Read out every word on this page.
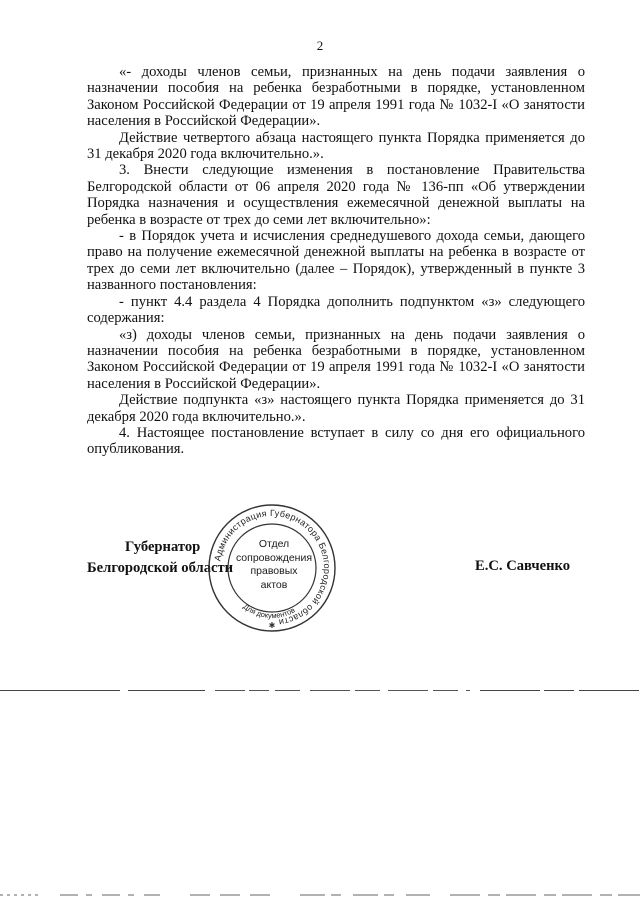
2

«- доходы членов семьи, признанных на день подачи заявления о назначении пособия на ребенка безработными в порядке, установленном Законом Российской Федерации от 19 апреля 1991 года № 1032-I «О занятости населения в Российской Федерации».

Действие четвертого абзаца настоящего пункта Порядка применяется до 31 декабря 2020 года включительно.».

3. Внести следующие изменения в постановление Правительства Белгородской области от 06 апреля 2020 года № 136-пп «Об утверждении Порядка назначения и осуществления ежемесячной денежной выплаты на ребенка в возрасте от трех до семи лет включительно»:

- в Порядок учета и исчисления среднедушевого дохода семьи, дающего право на получение ежемесячной денежной выплаты на ребенка в возрасте от трех до семи лет включительно (далее – Порядок), утвержденный в пункте 3 названного постановления:

- пункт 4.4 раздела 4 Порядка дополнить подпунктом «з» следующего содержания:

«з) доходы членов семьи, признанных на день подачи заявления о назначении пособия на ребенка безработными в порядке, установленном Законом Российской Федерации от 19 апреля 1991 года № 1032-I «О занятости населения в Российской Федерации».

Действие подпункта «з» настоящего пункта Порядка применяется до 31 декабря 2020 года включительно.».

4. Настоящее постановление вступает в силу со дня его официального опубликования.

Губернатор
Белгородской области	Е.С. Савченко
Администрация Губернатора Белгородской области
Для документов
✱
Отдел
сопровождения
правовых
актов
